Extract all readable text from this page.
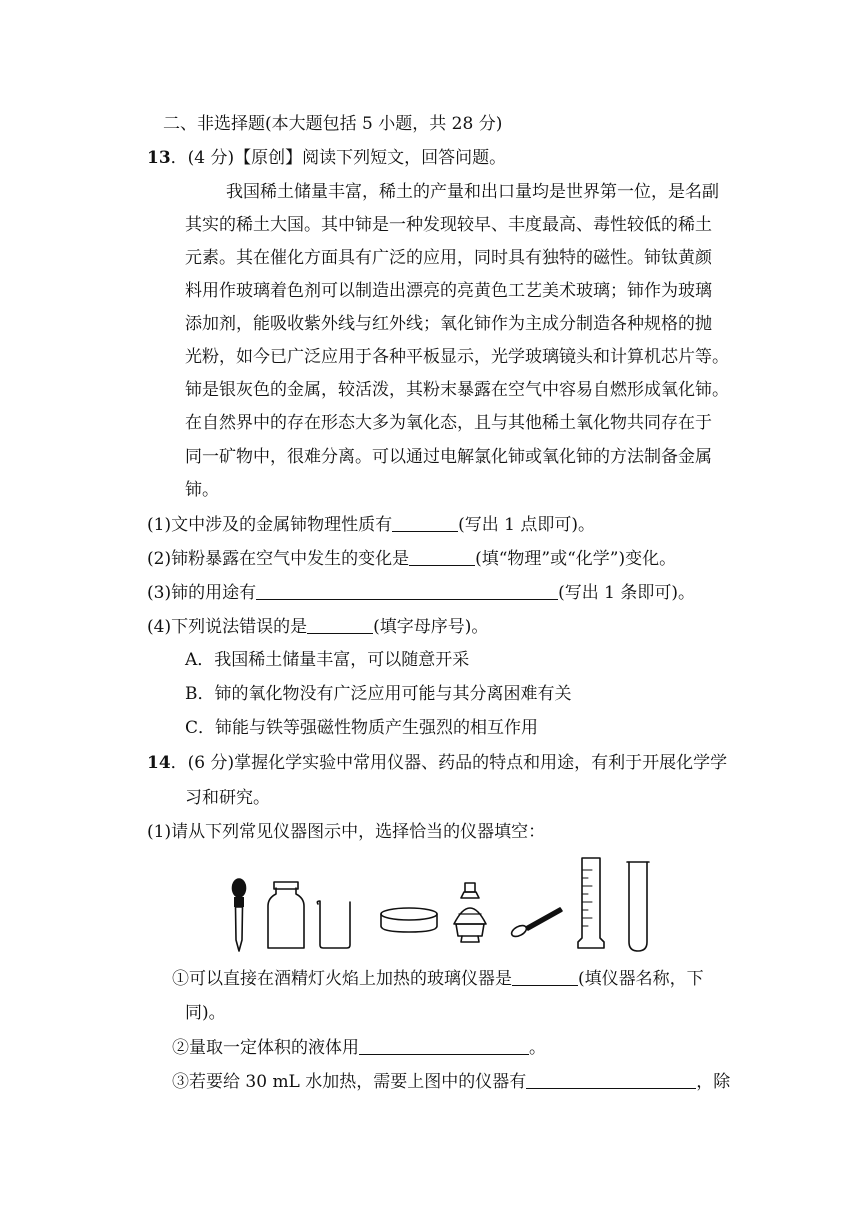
二、非选择题(本大题包括 5 小题，共 28 分)
13．(4 分)【原创】阅读下列短文，回答问题。
我国稀土储量丰富，稀土的产量和出口量均是世界第一位，是名副
其实的稀土大国。其中铈是一种发现较早、丰度最高、毒性较低的稀土
元素。其在催化方面具有广泛的应用，同时具有独特的磁性。铈钛黄颜
料用作玻璃着色剂可以制造出漂亮的亮黄色工艺美术玻璃；铈作为玻璃
添加剂，能吸收紫外线与红外线；氧化铈作为主成分制造各种规格的抛
光粉，如今已广泛应用于各种平板显示，光学玻璃镜头和计算机芯片等。
铈是银灰色的金属，较活泼，其粉末暴露在空气中容易自燃形成氧化铈。
在自然界中的存在形态大多为氧化态，且与其他稀土氧化物共同存在于
同一矿物中，很难分离。可以通过电解氯化铈或氧化铈的方法制备金属
铈。
(1)文中涉及的金属铈物理性质有	(写出 1 点即可)。
(2)铈粉暴露在空气中发生的变化是	(填“物理”或“化学”)变化。
(3)铈的用途有	(写出 1 条即可)。
(4)下列说法错误的是	(填字母序号)。
A．我国稀土储量丰富，可以随意开采
B．铈的氧化物没有广泛应用可能与其分离困难有关
C．铈能与铁等强磁性物质产生强烈的相互作用
14．(6 分)掌握化学实验中常用仪器、药品的特点和用途，有利于开展化学学
习和研究。
(1)请从下列常见仪器图示中，选择恰当的仪器填空：
①可以直接在酒精灯火焰上加热的玻璃仪器是	(填仪器名称，下
同)。
②量取一定体积的液体用	。
③若要给 30 mL 水加热，需要上图中的仪器有	，除
